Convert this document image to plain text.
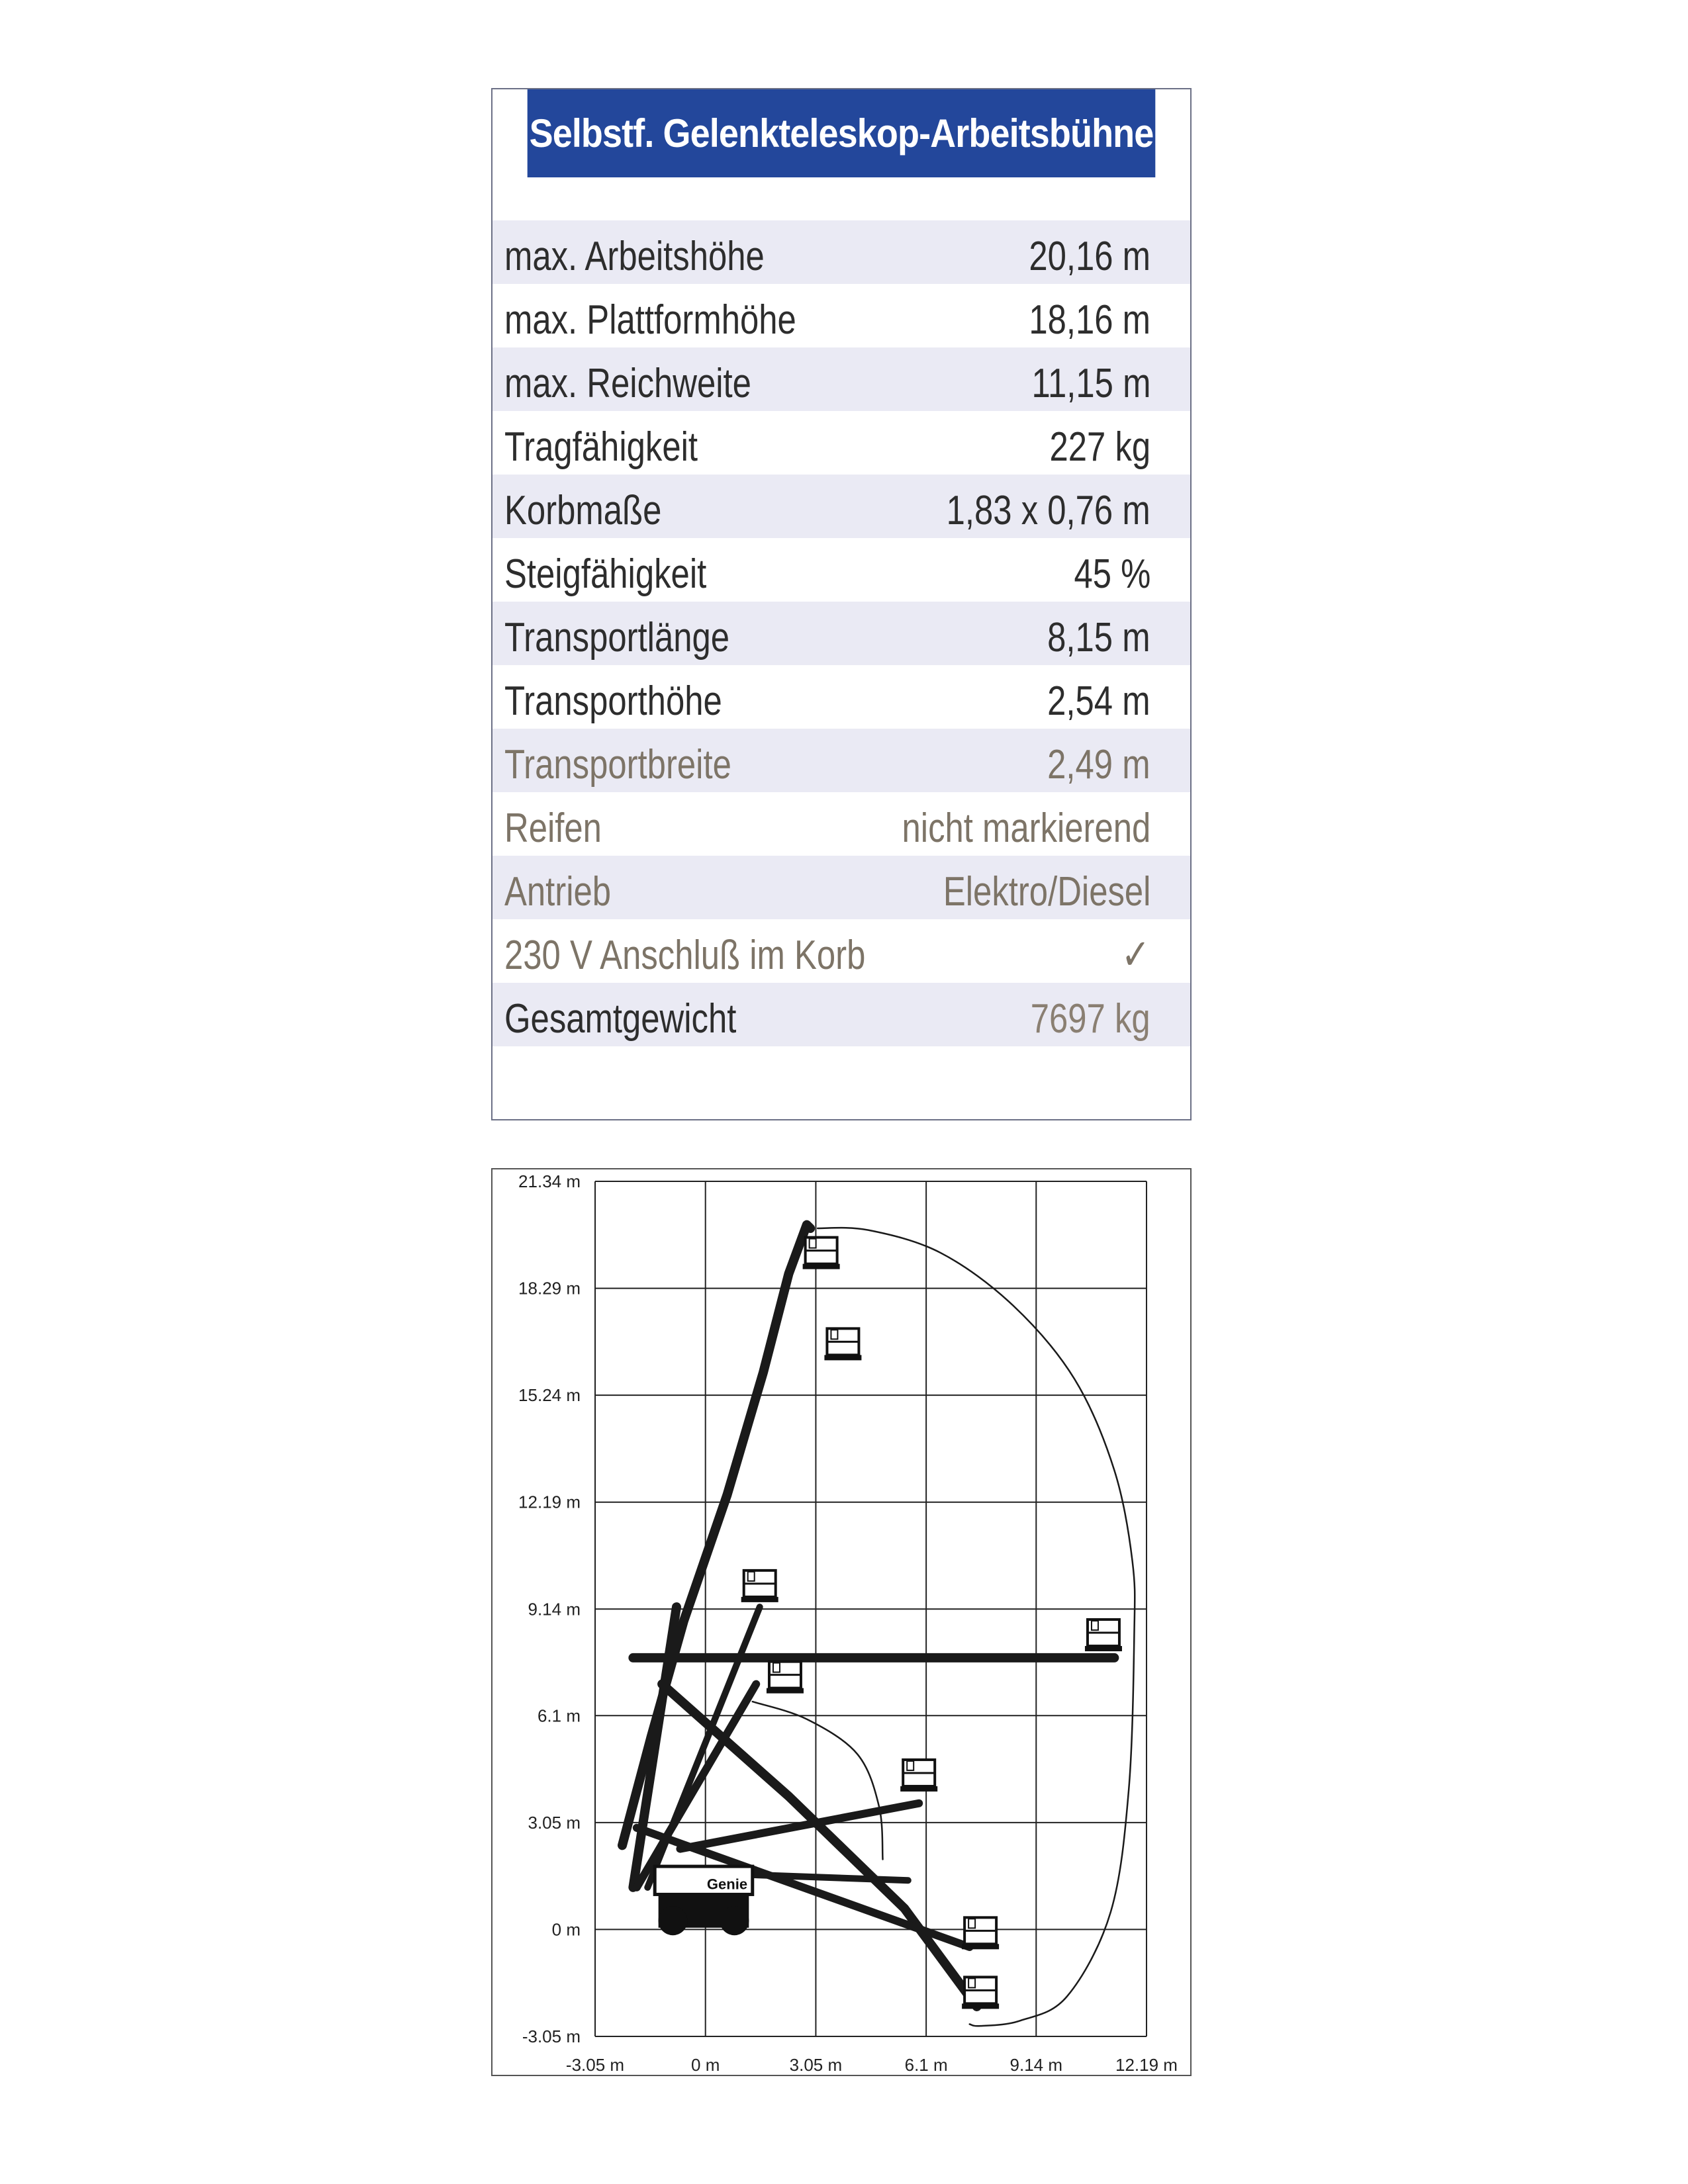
Selbstf. Gelenkteleskop-Arbeitsbühne
max. Arbeitshöhe	20,16 m
max. Plattformhöhe	18,16 m
max. Reichweite	11,15 m
Tragfähigkeit	227 kg
Korbmaße	1,83 x 0,76 m
Steigfähigkeit	45 %
Transportlänge	8,15 m
Transporthöhe	2,54 m
Transportbreite	2,49 m
Reifen	nicht markierend
Antrieb	Elektro/Diesel
230 V Anschluß im Korb	✓
Gesamtgewicht	7697 kg
Genie
21.34 m
18.29 m
15.24 m
12.19 m
9.14 m
6.1 m
3.05 m
0 m
-3.05 m
-3.05 m	0 m	3.05 m	6.1 m	9.14 m	12.19 m
